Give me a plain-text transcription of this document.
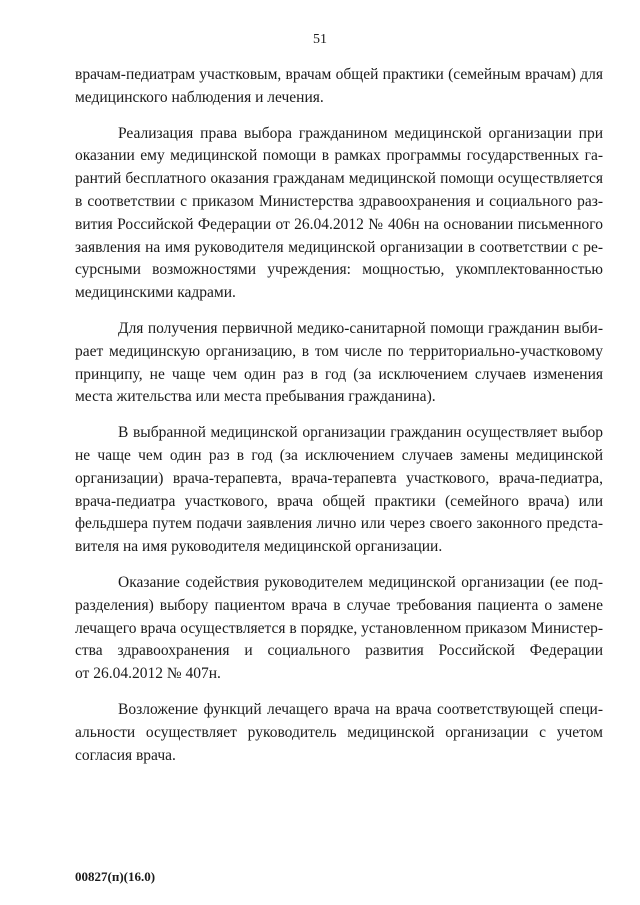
51
врачам-педиатрам участковым, врачам общей практики (семейным врачам) для
медицинского наблюдения и лечения.
Реализация права выбора гражданином медицинской организации при
оказании ему медицинской помощи в рамках программы государственных га-
рантий бесплатного оказания гражданам медицинской помощи осуществляется
в соответствии с приказом Министерства здравоохранения и социального раз-
вития Российской Федерации от 26.04.2012 № 406н на основании письменного
заявления на имя руководителя медицинской организации в соответствии с ре-
сурсными возможностями учреждения: мощностью, укомплектованностью
медицинскими кадрами.
Для получения первичной медико-санитарной помощи гражданин выби-
рает медицинскую организацию, в том числе по территориально-участковому
принципу, не чаще чем один раз в год (за исключением случаев изменения
места жительства или места пребывания гражданина).
В выбранной медицинской организации гражданин осуществляет выбор
не чаще чем один раз в год (за исключением случаев замены медицинской
организации) врача-терапевта, врача-терапевта участкового, врача-педиатра,
врача-педиатра участкового, врача общей практики (семейного врача) или
фельдшера путем подачи заявления лично или через своего законного предста-
вителя на имя руководителя медицинской организации.
Оказание содействия руководителем медицинской организации (ее под-
разделения) выбору пациентом врача в случае требования пациента о замене
лечащего врача осуществляется в порядке, установленном приказом Министер-
ства здравоохранения и социального развития Российской Федерации
от 26.04.2012 № 407н.
Возложение функций лечащего врача на врача соответствующей специ-
альности осуществляет руководитель медицинской организации с учетом
согласия врача.
00827(п)(16.0)
